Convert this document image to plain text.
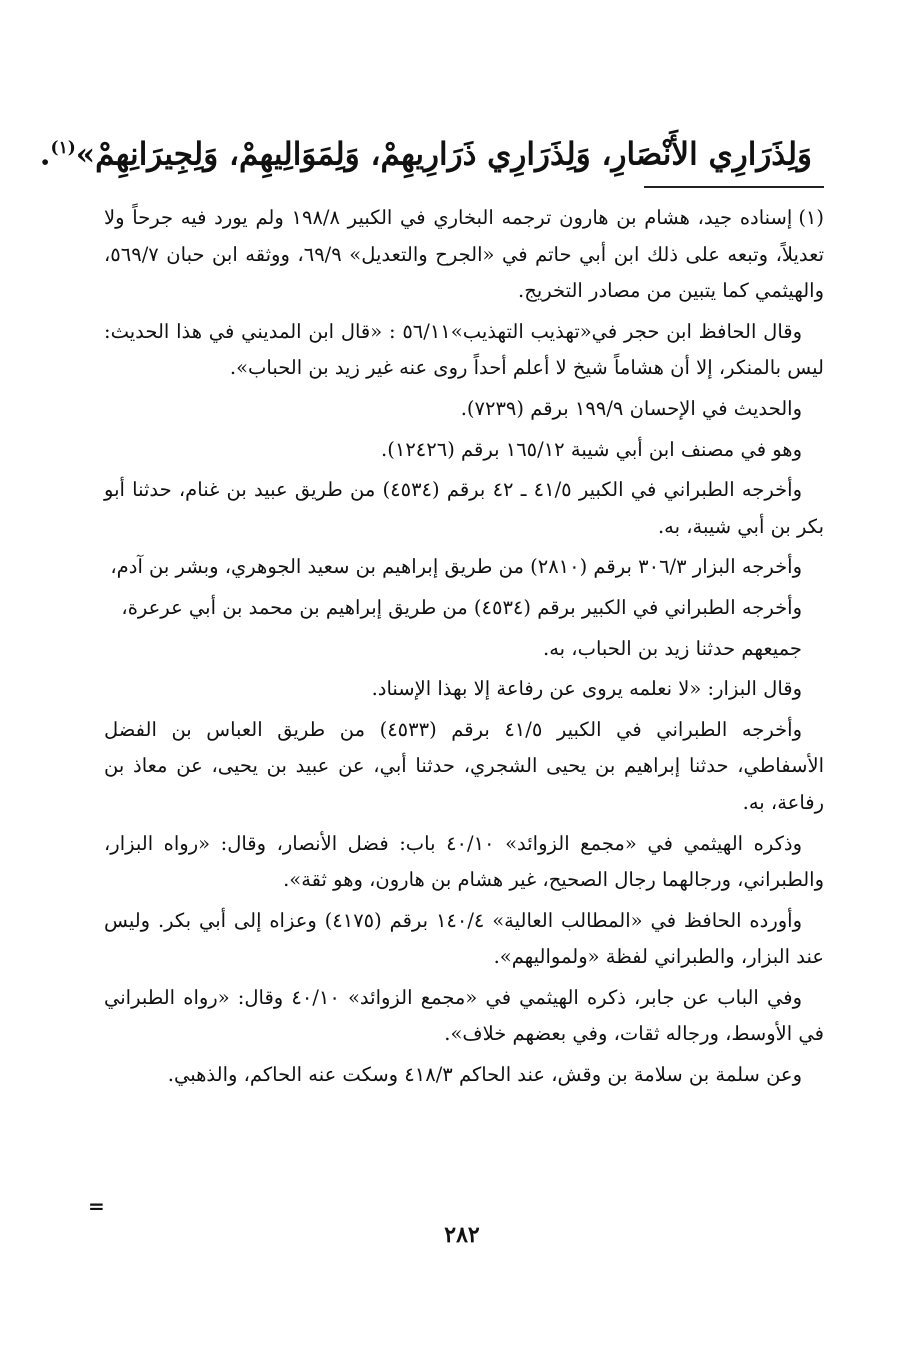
وَلِذَرَارِي الأَنْصَارِ، وَلِذَرَارِي ذَرَارِيهِمْ، وَلِمَوَالِيهِمْ، وَلِجِيرَانِهِمْ»$^{(١)}$.

(١)إسناده جيد، هشام بن هارون ترجمه البخاري في الكبير ١٩٨/٨ ولم يورد فيه جرحاً ولا تعديلاً، وتبعه على ذلك ابن أبي حاتم في «الجرح والتعديل» ٦٩/٩، ووثقه ابن حبان ٥٦٩/٧، والهيثمي كما يتبين من مصادر التخريج.

وقال الحافظ ابن حجر في«تهذيب التهذيب»٥٦/١١ : «قال ابن المديني في هذا الحديث: ليس بالمنكر، إلا أن هشاماً شيخ لا أعلم أحداً روى عنه غير زيد بن الحباب».

والحديث في الإحسان ١٩٩/٩ برقم (٧٢٣٩).

وهو في مصنف ابن أبي شيبة ١٦٥/١٢ برقم (١٢٤٢٦).

وأخرجه الطبراني في الكبير ٤١/٥ ـ ٤٢ برقم (٤٥٣٤) من طريق عبيد بن غنام، حدثنا أبو بكر بن أبي شيبة، به.

وأخرجه البزار ٣٠٦/٣ برقم (٢٨١٠) من طريق إبراهيم بن سعيد الجوهري، وبشر بن آدم،

وأخرجه الطبراني في الكبير برقم (٤٥٣٤) من طريق إبراهيم بن محمد بن أبي عرعرة،

جميعهم حدثنا زيد بن الحباب، به.

وقال البزار: «لا نعلمه يروى عن رفاعة إلا بهذا الإسناد.

وأخرجه الطبراني في الكبير ٤١/٥ برقم (٤٥٣٣) من طريق العباس بن الفضل الأسفاطي، حدثنا إبراهيم بن يحيى الشجري، حدثنا أبي، عن عبيد بن يحيى، عن معاذ بن رفاعة، به.

وذكره الهيثمي في «مجمع الزوائد» ٤٠/١٠ باب: فضل الأنصار، وقال: «رواه البزار، والطبراني، ورجالهما رجال الصحيح، غير هشام بن هارون، وهو ثقة».

وأورده الحافظ في «المطالب العالية» ١٤٠/٤ برقم (٤١٧٥) وعزاه إلى أبي بكر. وليس عند البزار، والطبراني لفظة «ولمواليهم».

وفي الباب عن جابر، ذكره الهيثمي في «مجمع الزوائد» ٤٠/١٠ وقال: «رواه الطبراني في الأوسط، ورجاله ثقات، وفي بعضهم خلاف».

وعن سلمة بن سلامة بن وقش، عند الحاكم ٤١٨/٣ وسكت عنه الحاكم، والذهبي.

=
٢٨٢
